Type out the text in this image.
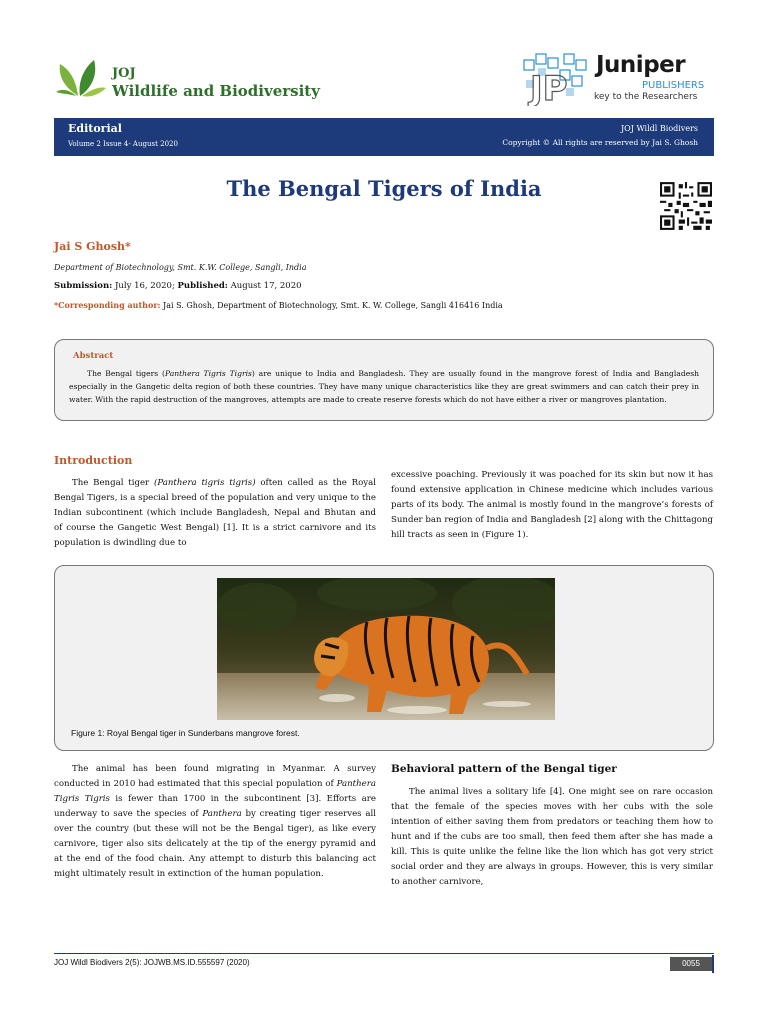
JOJ
Wildlife and Biodiversity	JP
Juniper
PUBLISHERS
key to the Researchers
Editorial
Volume 2 Issue 4- August 2020
JOJ Wildl Biodivers
Copyright © All rights are reserved by Jai S. Ghosh
The Bengal Tigers of India
Jai S Ghosh*
Department of Biotechnology, Smt. K.W. College, Sangli, India
Submission: July 16, 2020; Published: August 17, 2020
*Corresponding author: Jai S. Ghosh, Department of Biotechnology, Smt. K. W. College, Sangli 416416 India
Abstract
The Bengal tigers (Panthera Tigris Tigris) are unique to India and Bangladesh. They are usually found in the mangrove forest of India and Bangladesh especially in the Gangetic delta region of both these countries. They have many unique characteristics like they are great swimmers and can catch their prey in water. With the rapid destruction of the mangroves, attempts are made to create reserve forests which do not have either a river or mangroves plantation.
Introduction
The Bengal tiger (Panthera tigris tigris) often called as the Royal Bengal Tigers, is a special breed of the population and very unique to the Indian subcontinent (which include Bangladesh, Nepal and Bhutan and of course the Gangetic West Bengal) [1]. It is a strict carnivore and its population is dwindling due to
excessive poaching. Previously it was poached for its skin but now it has found extensive application in Chinese medicine which includes various parts of its body. The animal is mostly found in the mangrove’s forests of Sunder ban region of India and Bangladesh [2] along with the Chittagong hill tracts as seen in (Figure 1).
Figure 1: Royal Bengal tiger in Sunderbans mangrove forest.
The animal has been found migrating in Myanmar. A survey conducted in 2010 had estimated that this special population of Panthera Tigris Tigris is fewer than 1700 in the subcontinent [3]. Efforts are underway to save the species of Panthera by creating tiger reserves all over the country (but these will not be the Bengal tiger), as like every carnivore, tiger also sits delicately at the tip of the energy pyramid and at the end of the food chain. Any attempt to disturb this balancing act might ultimately result in extinction of the human population.
Behavioral pattern of the Bengal tiger
The animal lives a solitary life [4]. One might see on rare occasion that the female of the species moves with her cubs with the sole intention of either saving them from predators or teaching them how to hunt and if the cubs are too small, then feed them after she has made a kill. This is quite unlike the feline like the lion which has got very strict social order and they are always in groups. However, this is very similar to another carnivore,
JOJ Wildl Biodivers 2(5): JOJWB.MS.ID.555597 (2020)	0055
